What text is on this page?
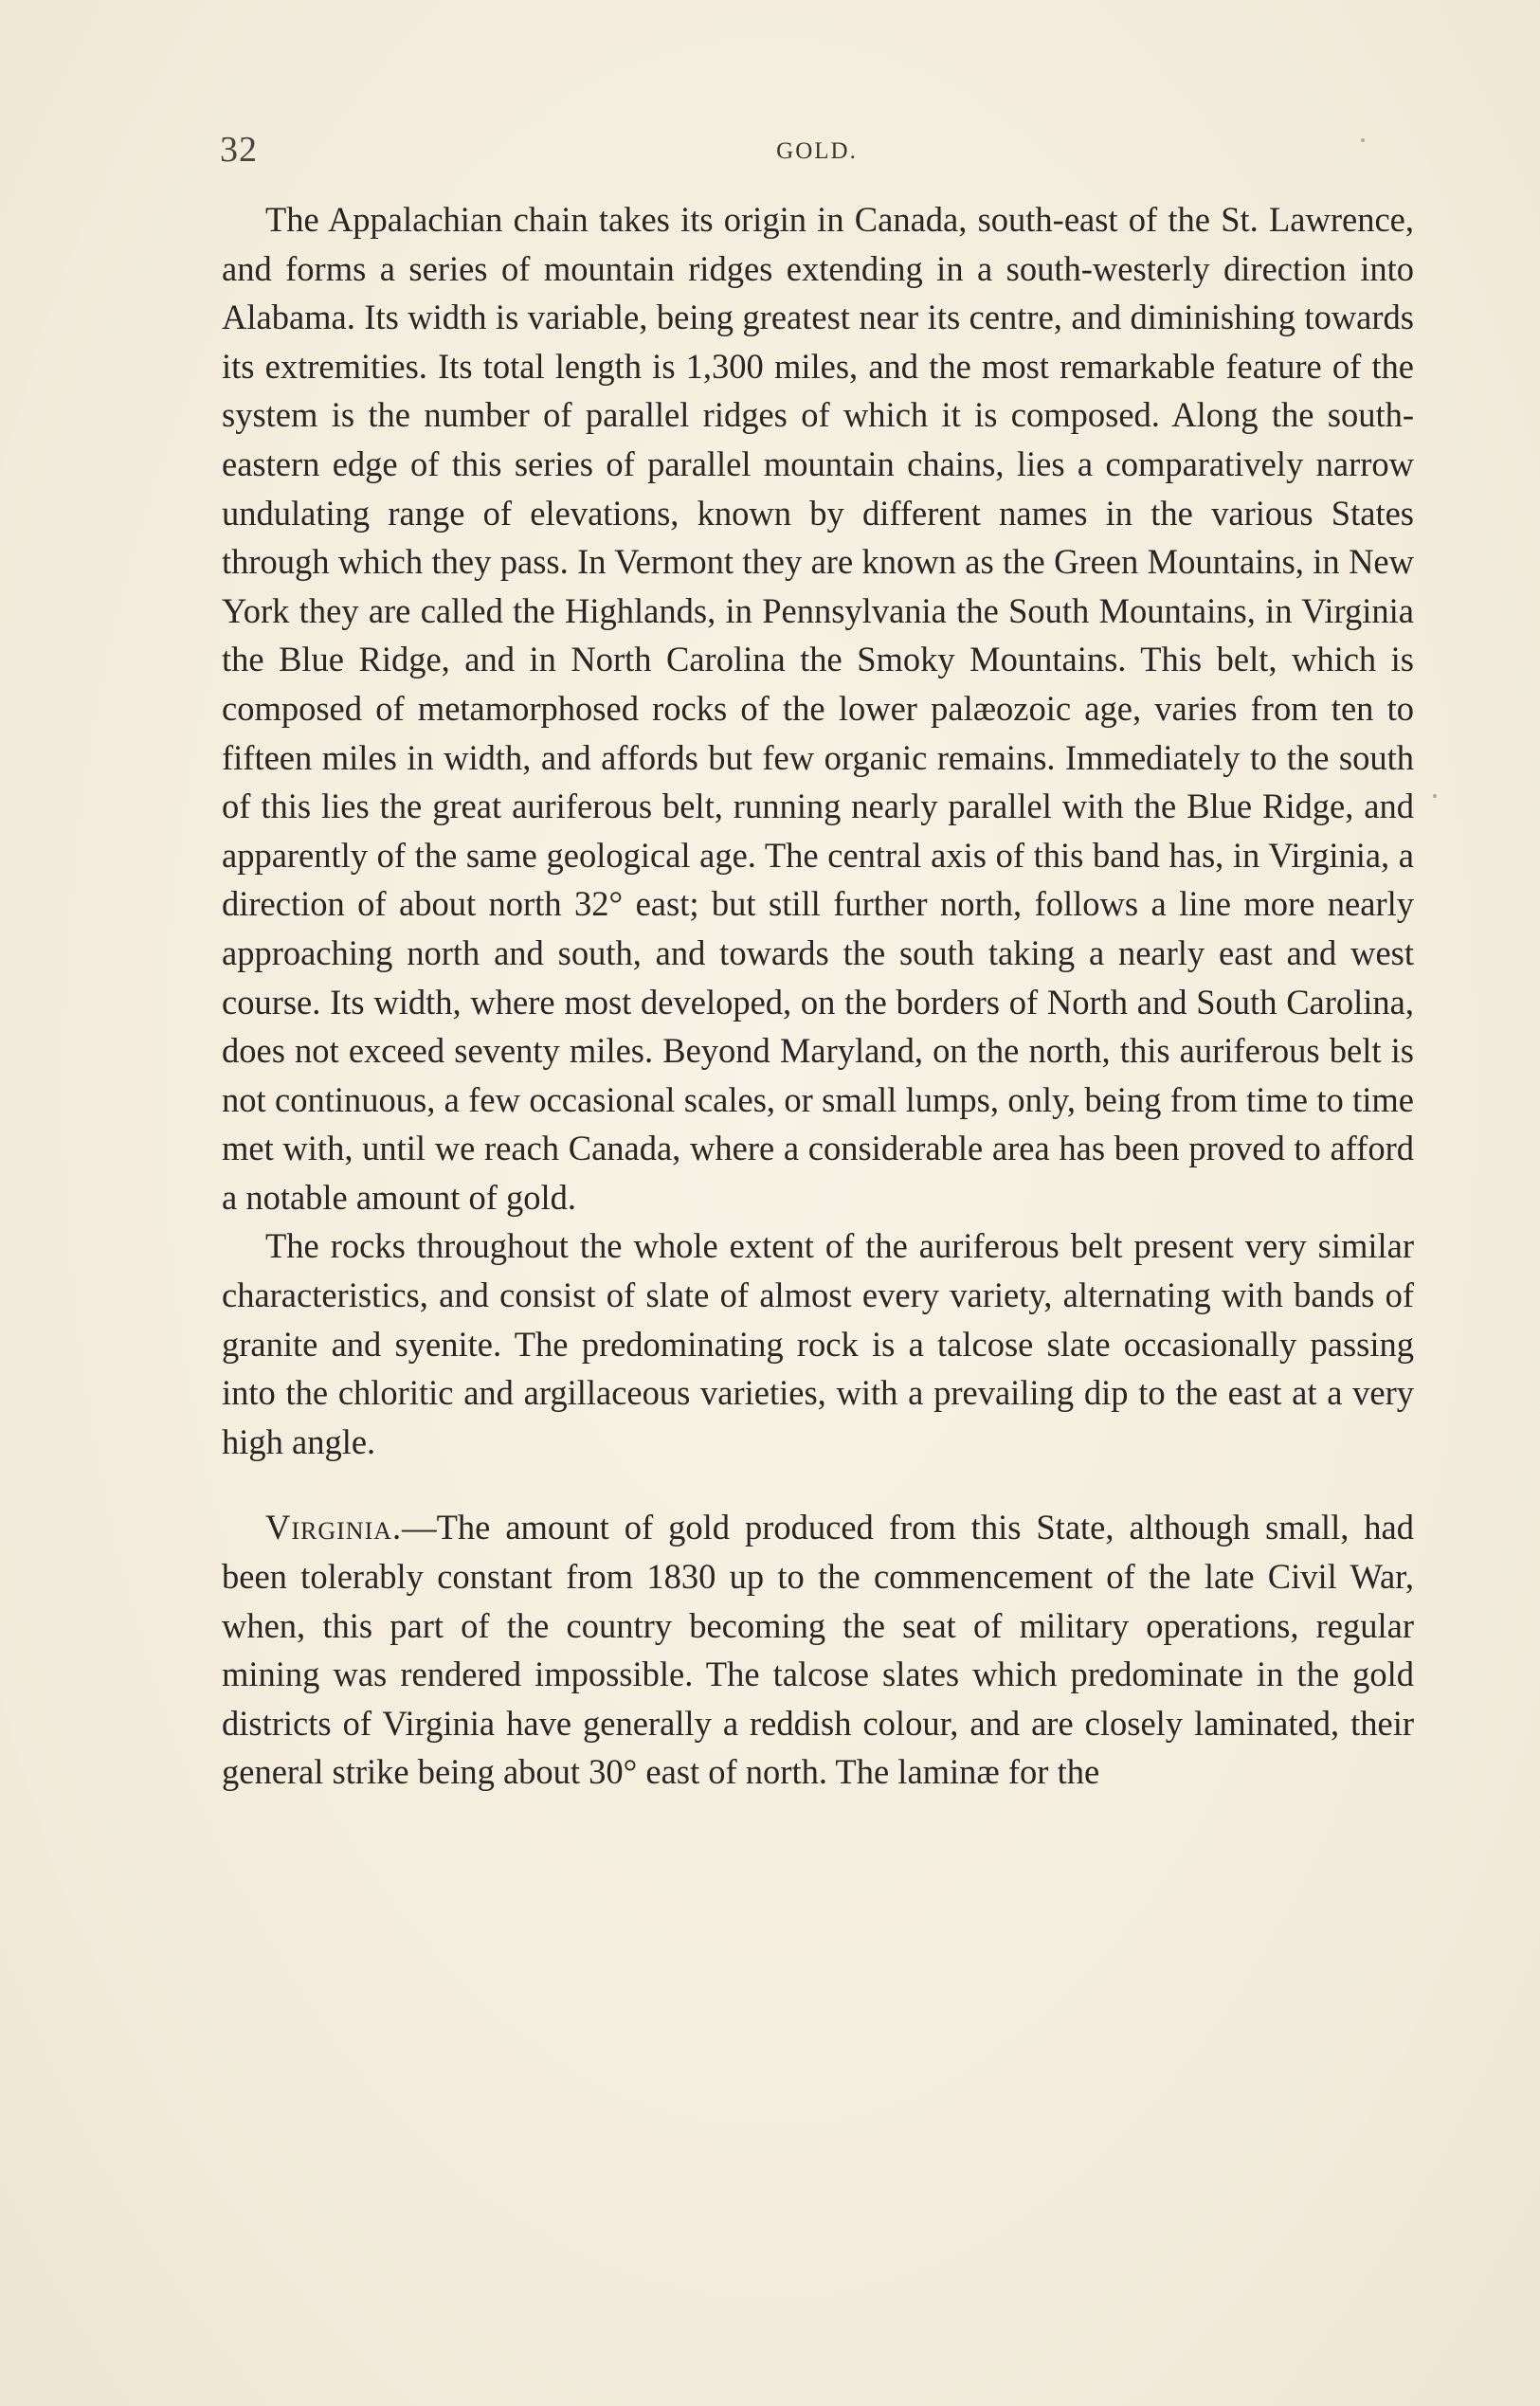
32	GOLD.

The Appalachian chain takes its origin in Canada, south-east of the St. Lawrence, and forms a series of mountain ridges extending in a south-westerly direction into Alabama. Its width is variable, being greatest near its centre, and diminishing towards its extremities. Its total length is 1,300 miles, and the most remarkable feature of the system is the number of parallel ridges of which it is composed. Along the south-eastern edge of this series of parallel mountain chains, lies a comparatively narrow undulating range of elevations, known by different names in the various States through which they pass. In Vermont they are known as the Green Mountains, in New York they are called the Highlands, in Pennsylvania the South Mountains, in Virginia the Blue Ridge, and in North Carolina the Smoky Mountains. This belt, which is composed of metamorphosed rocks of the lower palæozoic age, varies from ten to fifteen miles in width, and affords but few organic remains. Immediately to the south of this lies the great auriferous belt, running nearly parallel with the Blue Ridge, and apparently of the same geological age. The central axis of this band has, in Virginia, a direction of about north 32° east; but still further north, follows a line more nearly approaching north and south, and towards the south taking a nearly east and west course. Its width, where most developed, on the borders of North and South Carolina, does not exceed seventy miles. Beyond Maryland, on the north, this auriferous belt is not continuous, a few occasional scales, or small lumps, only, being from time to time met with, until we reach Canada, where a considerable area has been proved to afford a notable amount of gold.

The rocks throughout the whole extent of the auriferous belt present very similar characteristics, and consist of slate of almost every variety, alternating with bands of granite and syenite. The predominating rock is a talcose slate occasionally passing into the chloritic and argillaceous varieties, with a prevailing dip to the east at a very high angle.

Virginia.—The amount of gold produced from this State, although small, had been tolerably constant from 1830 up to the commencement of the late Civil War, when, this part of the country becoming the seat of military operations, regular mining was rendered impossible. The talcose slates which predominate in the gold districts of Virginia have generally a reddish colour, and are closely laminated, their general strike being about 30° east of north. The laminæ for the
